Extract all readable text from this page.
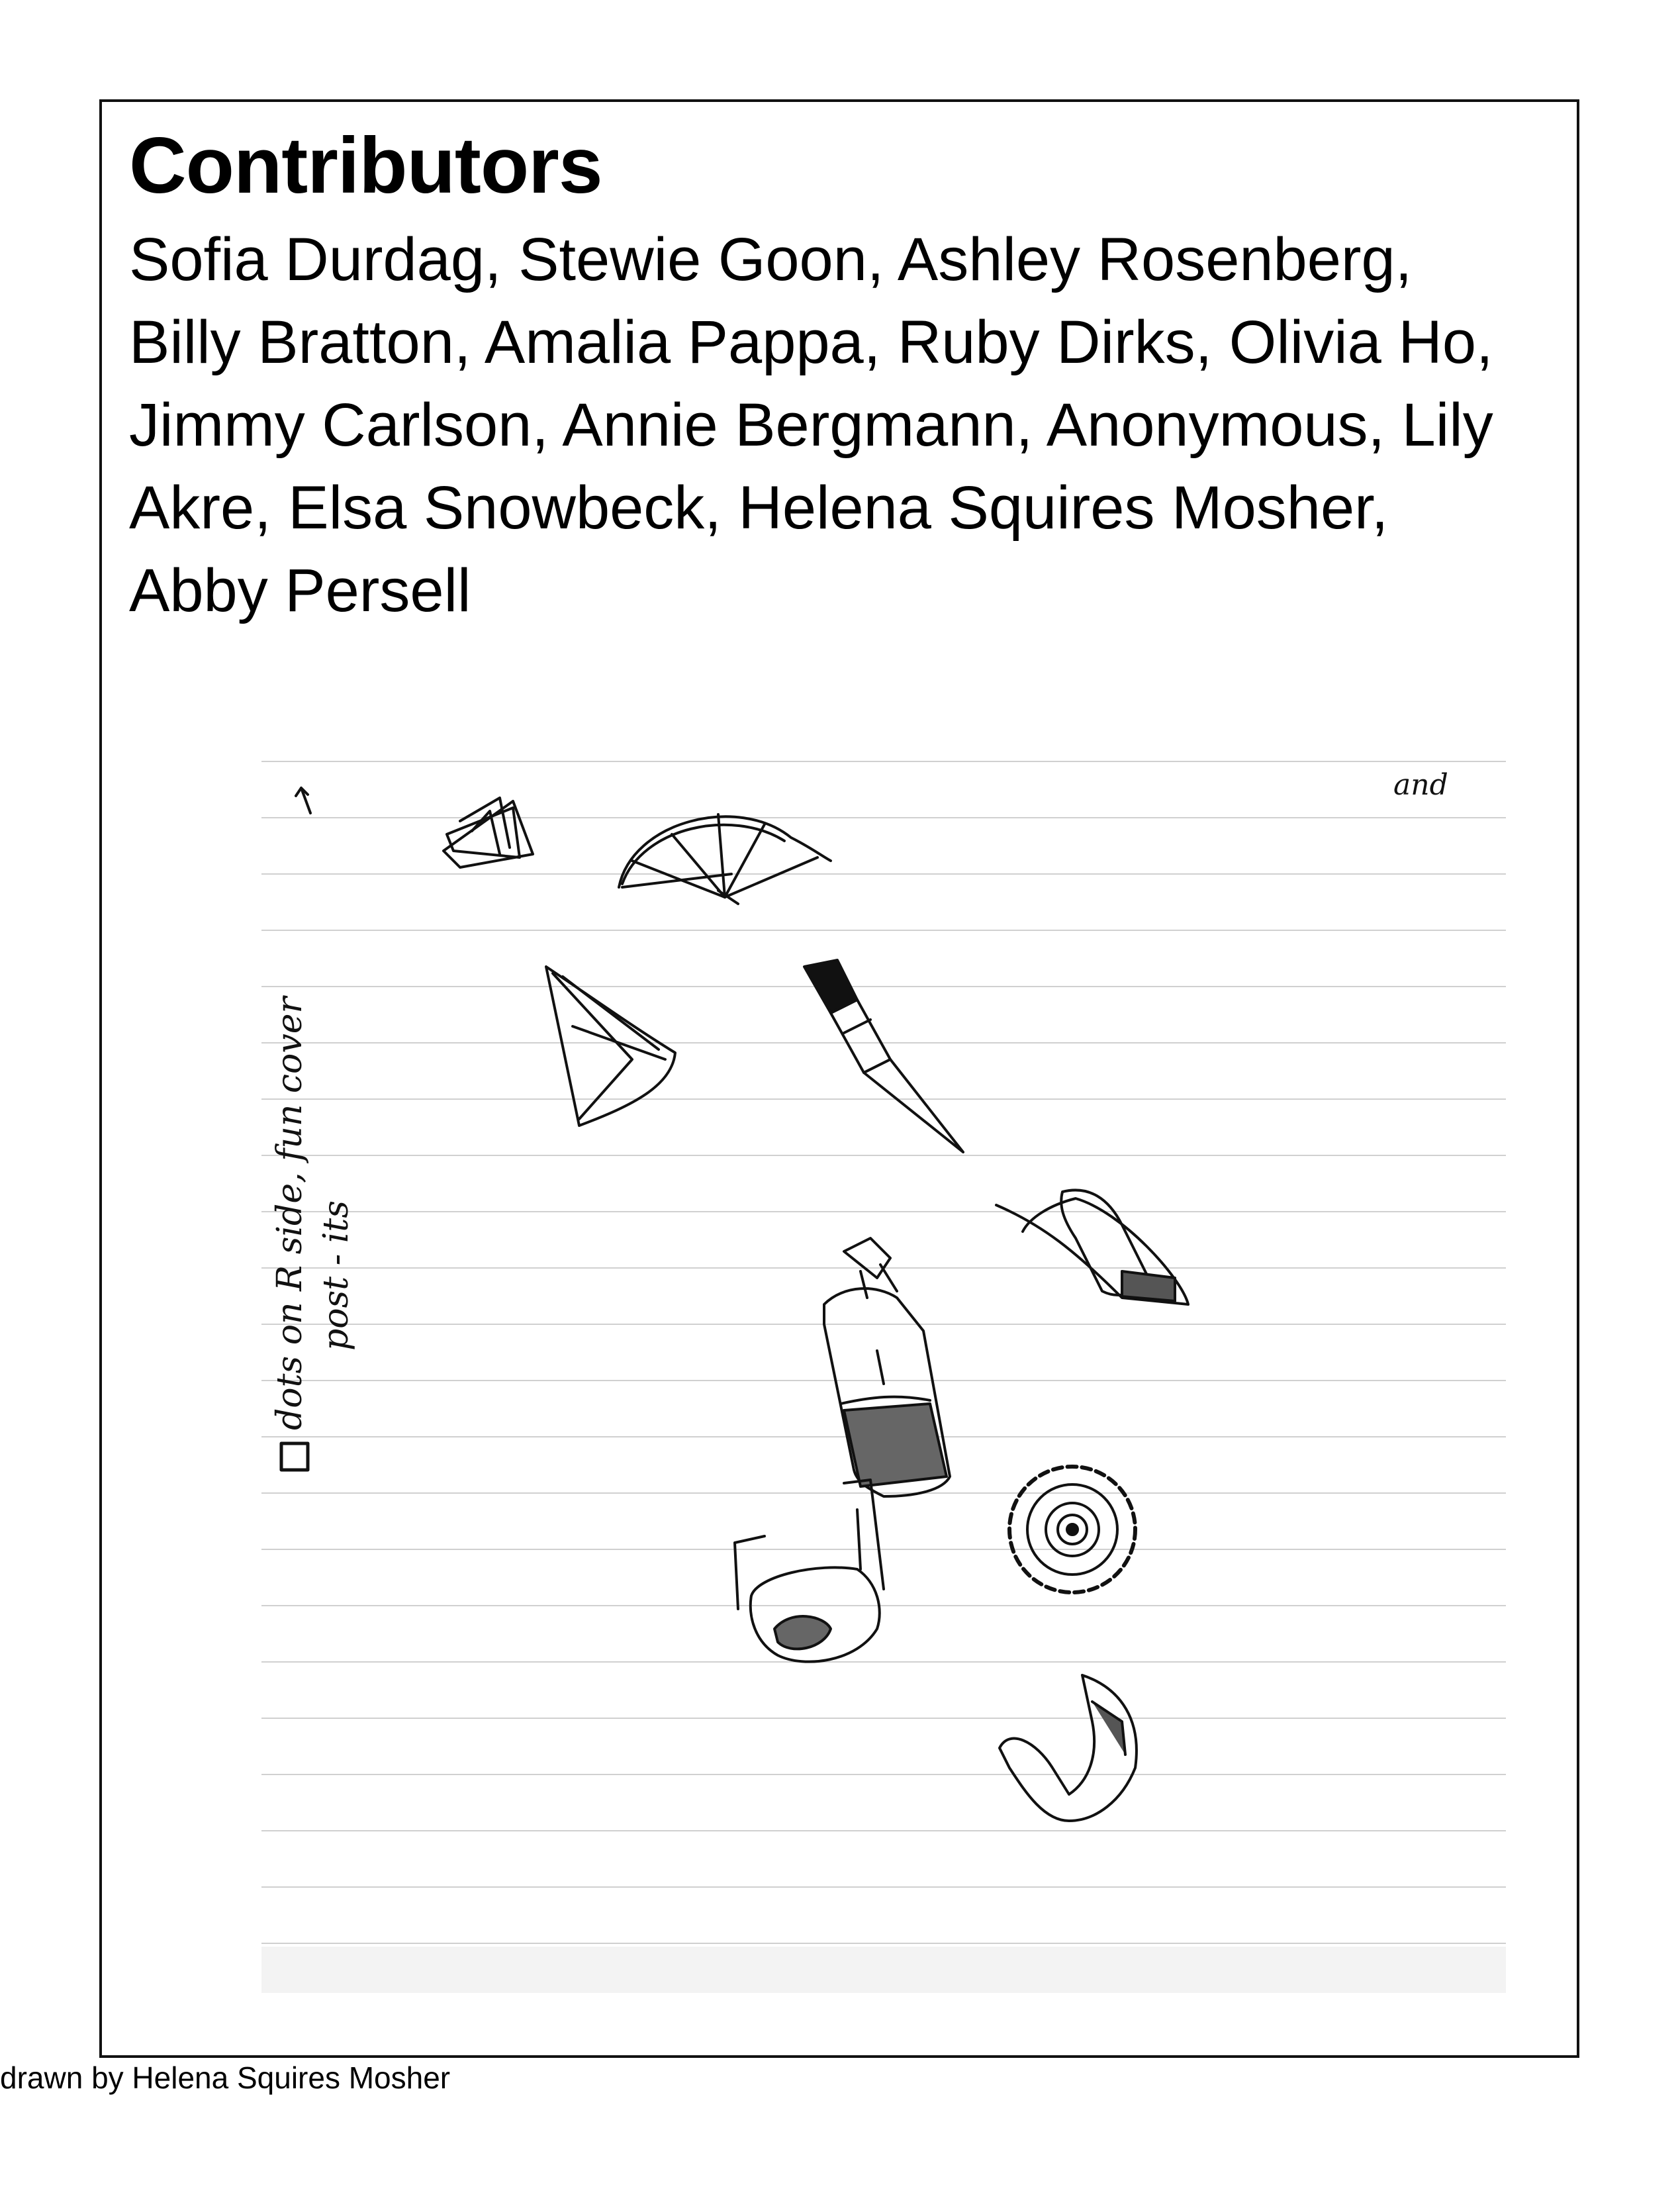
Contributors
Sofia Durdag, Stewie Goon, Ashley Rosenberg, Billy Bratton, Amalia Pappa, Ruby Dirks, Olivia Ho, Jimmy Carlson, Annie Bergmann, Anonymous, Lily Akre, Elsa Snowbeck, Helena Squires Mosher, Abby Persell
and
dots on R side, fun cover post - its
drawn by Helena Squires Mosher
